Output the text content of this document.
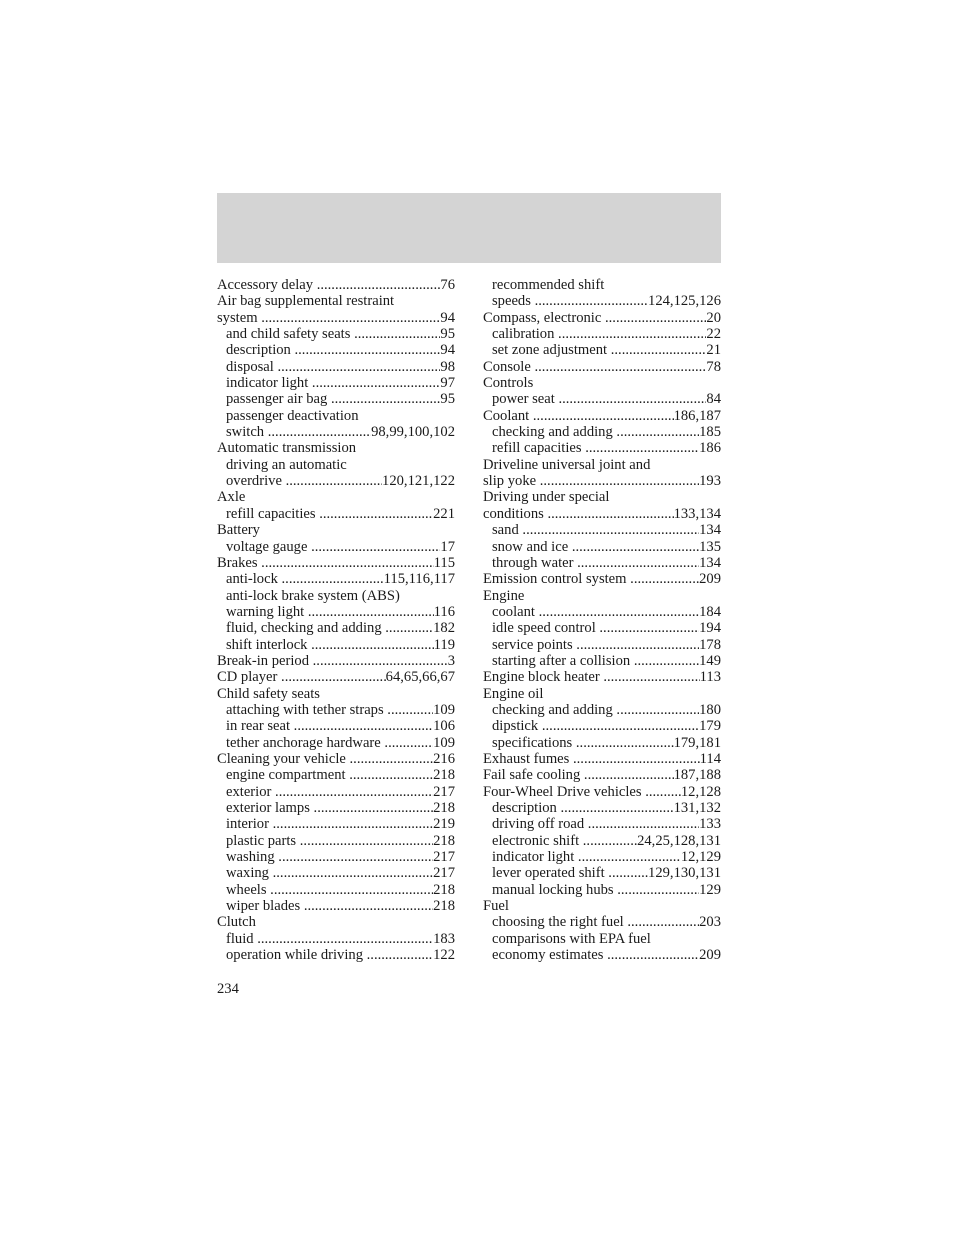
Accessory delay .....	76
Air bag supplemental restraint
system .....	94
and child safety seats .....	95
description .....	94
disposal .....	98
indicator light .....	97
passenger air bag .....	95
passenger deactivation
switch .....	98,99,100,102
Automatic transmission
driving an automatic
overdrive .....	120,121,122
Axle
refill capacities .....	221
Battery
voltage gauge .....	17
Brakes .....	115
anti-lock .....	115,116,117
anti-lock brake system (ABS)
warning light .....	116
fluid, checking and adding .....	182
shift interlock .....	119
Break-in period .....	3
CD player .....	64,65,66,67
Child safety seats
attaching with tether straps .....	109
in rear seat .....	106
tether anchorage hardware .....	109
Cleaning your vehicle .....	216
engine compartment .....	218
exterior .....	217
exterior lamps .....	218
interior .....	219
plastic parts .....	218
washing .....	217
waxing .....	217
wheels .....	218
wiper blades .....	218
Clutch
fluid .....	183
operation while driving .....	122
recommended shift
speeds .....	124,125,126
Compass, electronic .....	20
calibration .....	22
set zone adjustment .....	21
Console .....	78
Controls
power seat .....	84
Coolant .....	186,187
checking and adding .....	185
refill capacities .....	186
Driveline universal joint and
slip yoke .....	193
Driving under special
conditions .....	133,134
sand .....	134
snow and ice .....	135
through water .....	134
Emission control system .....	209
Engine
coolant .....	184
idle speed control .....	194
service points .....	178
starting after a collision .....	149
Engine block heater .....	113
Engine oil
checking and adding .....	180
dipstick .....	179
specifications .....	179,181
Exhaust fumes .....	114
Fail safe cooling .....	187,188
Four-Wheel Drive vehicles .....	12,128
description .....	131,132
driving off road .....	133
electronic shift .....	24,25,128,131
indicator light .....	12,129
lever operated shift .....	129,130,131
manual locking hubs .....	129
Fuel
choosing the right fuel .....	203
comparisons with EPA fuel
economy estimates .....	209
234
